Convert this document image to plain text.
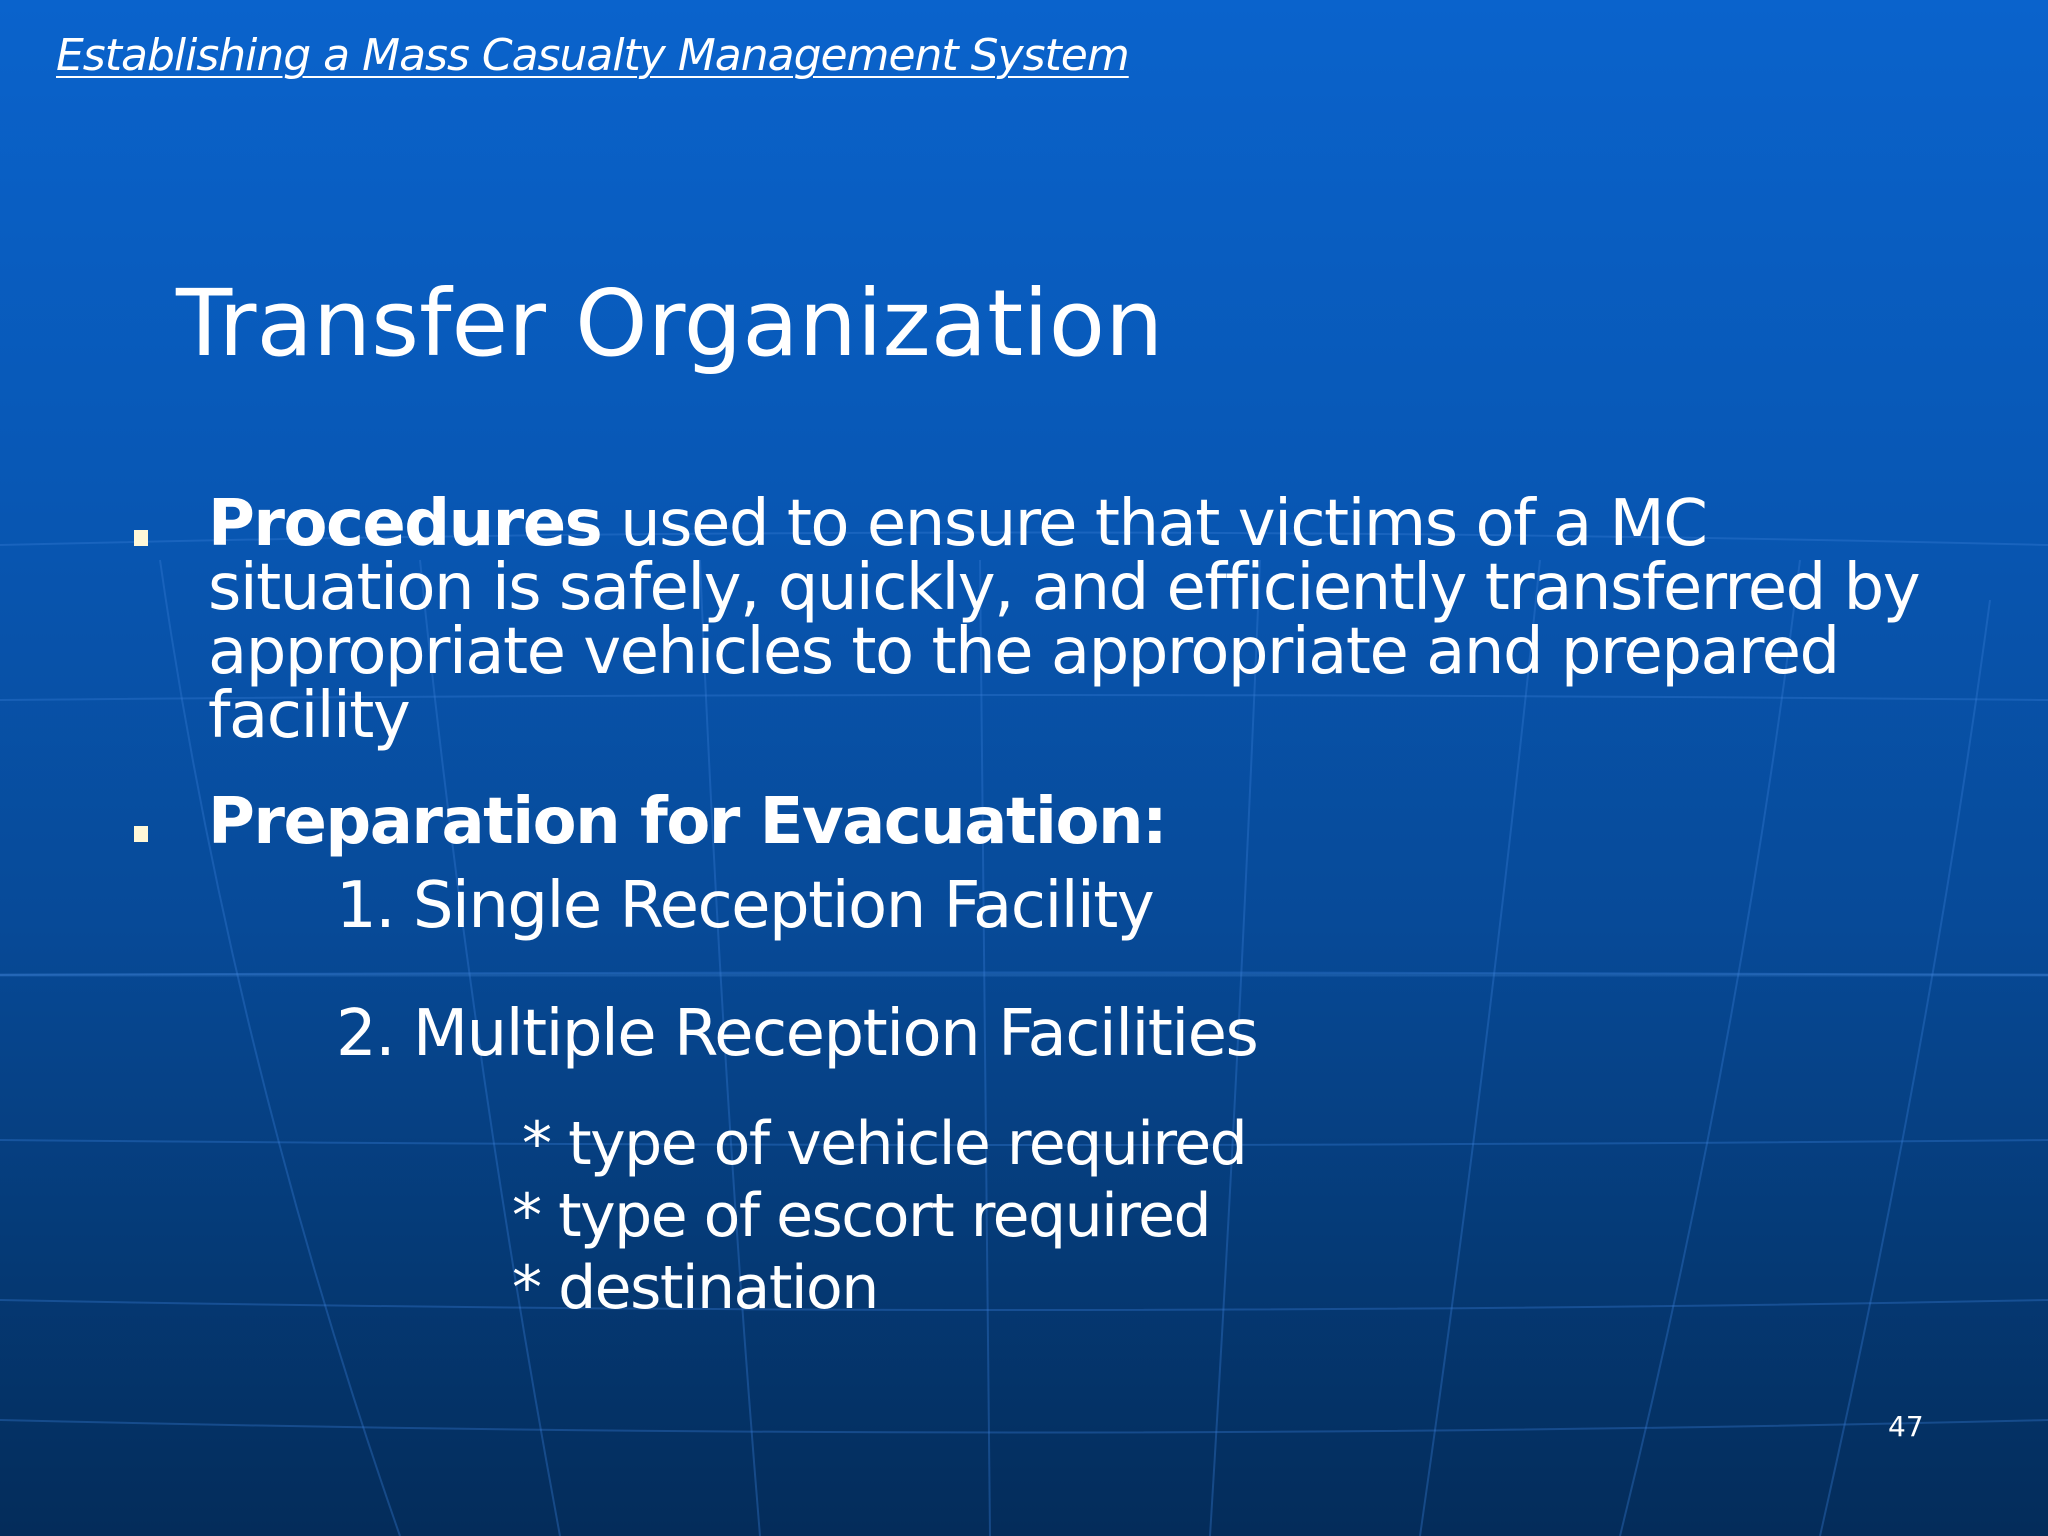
Establishing a Mass Casualty Management System
Transfer Organization
Procedures used to ensure that victims of a MC
situation is safely, quickly, and efficiently transferred by
appropriate vehicles to the appropriate and prepared
facility
Preparation for Evacuation:
1. Single Reception Facility
2. Multiple Reception Facilities
* type of vehicle required
* type of escort required
* destination
47
